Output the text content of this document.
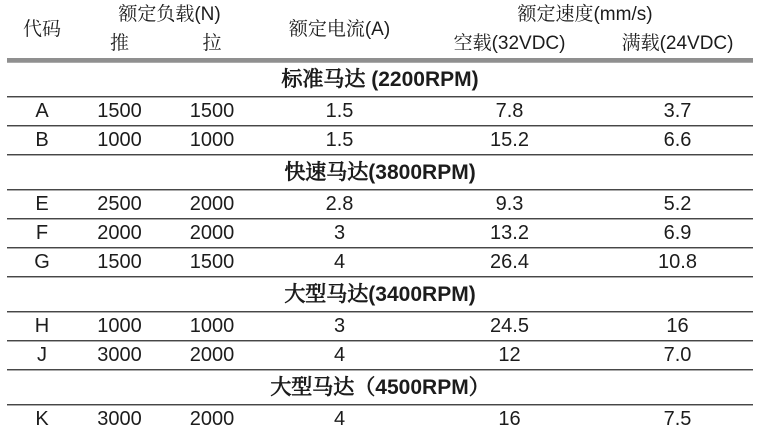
代码	额定负载(N)		额定电流(A)	额定速度(mm/s)	
	推	拉		空载(32VDC)	满载(24VDC)
标准马达 (2200RPM)					
A	1500	1500	1.5	7.8	3.7
B	1000	1000	1.5	15.2	6.6
快速马达(3800RPM)					
E	2500	2000	2.8	9.3	5.2
F	2000	2000	3	13.2	6.9
G	1500	1500	4	26.4	10.8
大型马达(3400RPM)					
H	1000	1000	3	24.5	16
J	3000	2000	4	12	7.0
大型马达（4500RPM）					
K	3000	2000	4	16	7.5
